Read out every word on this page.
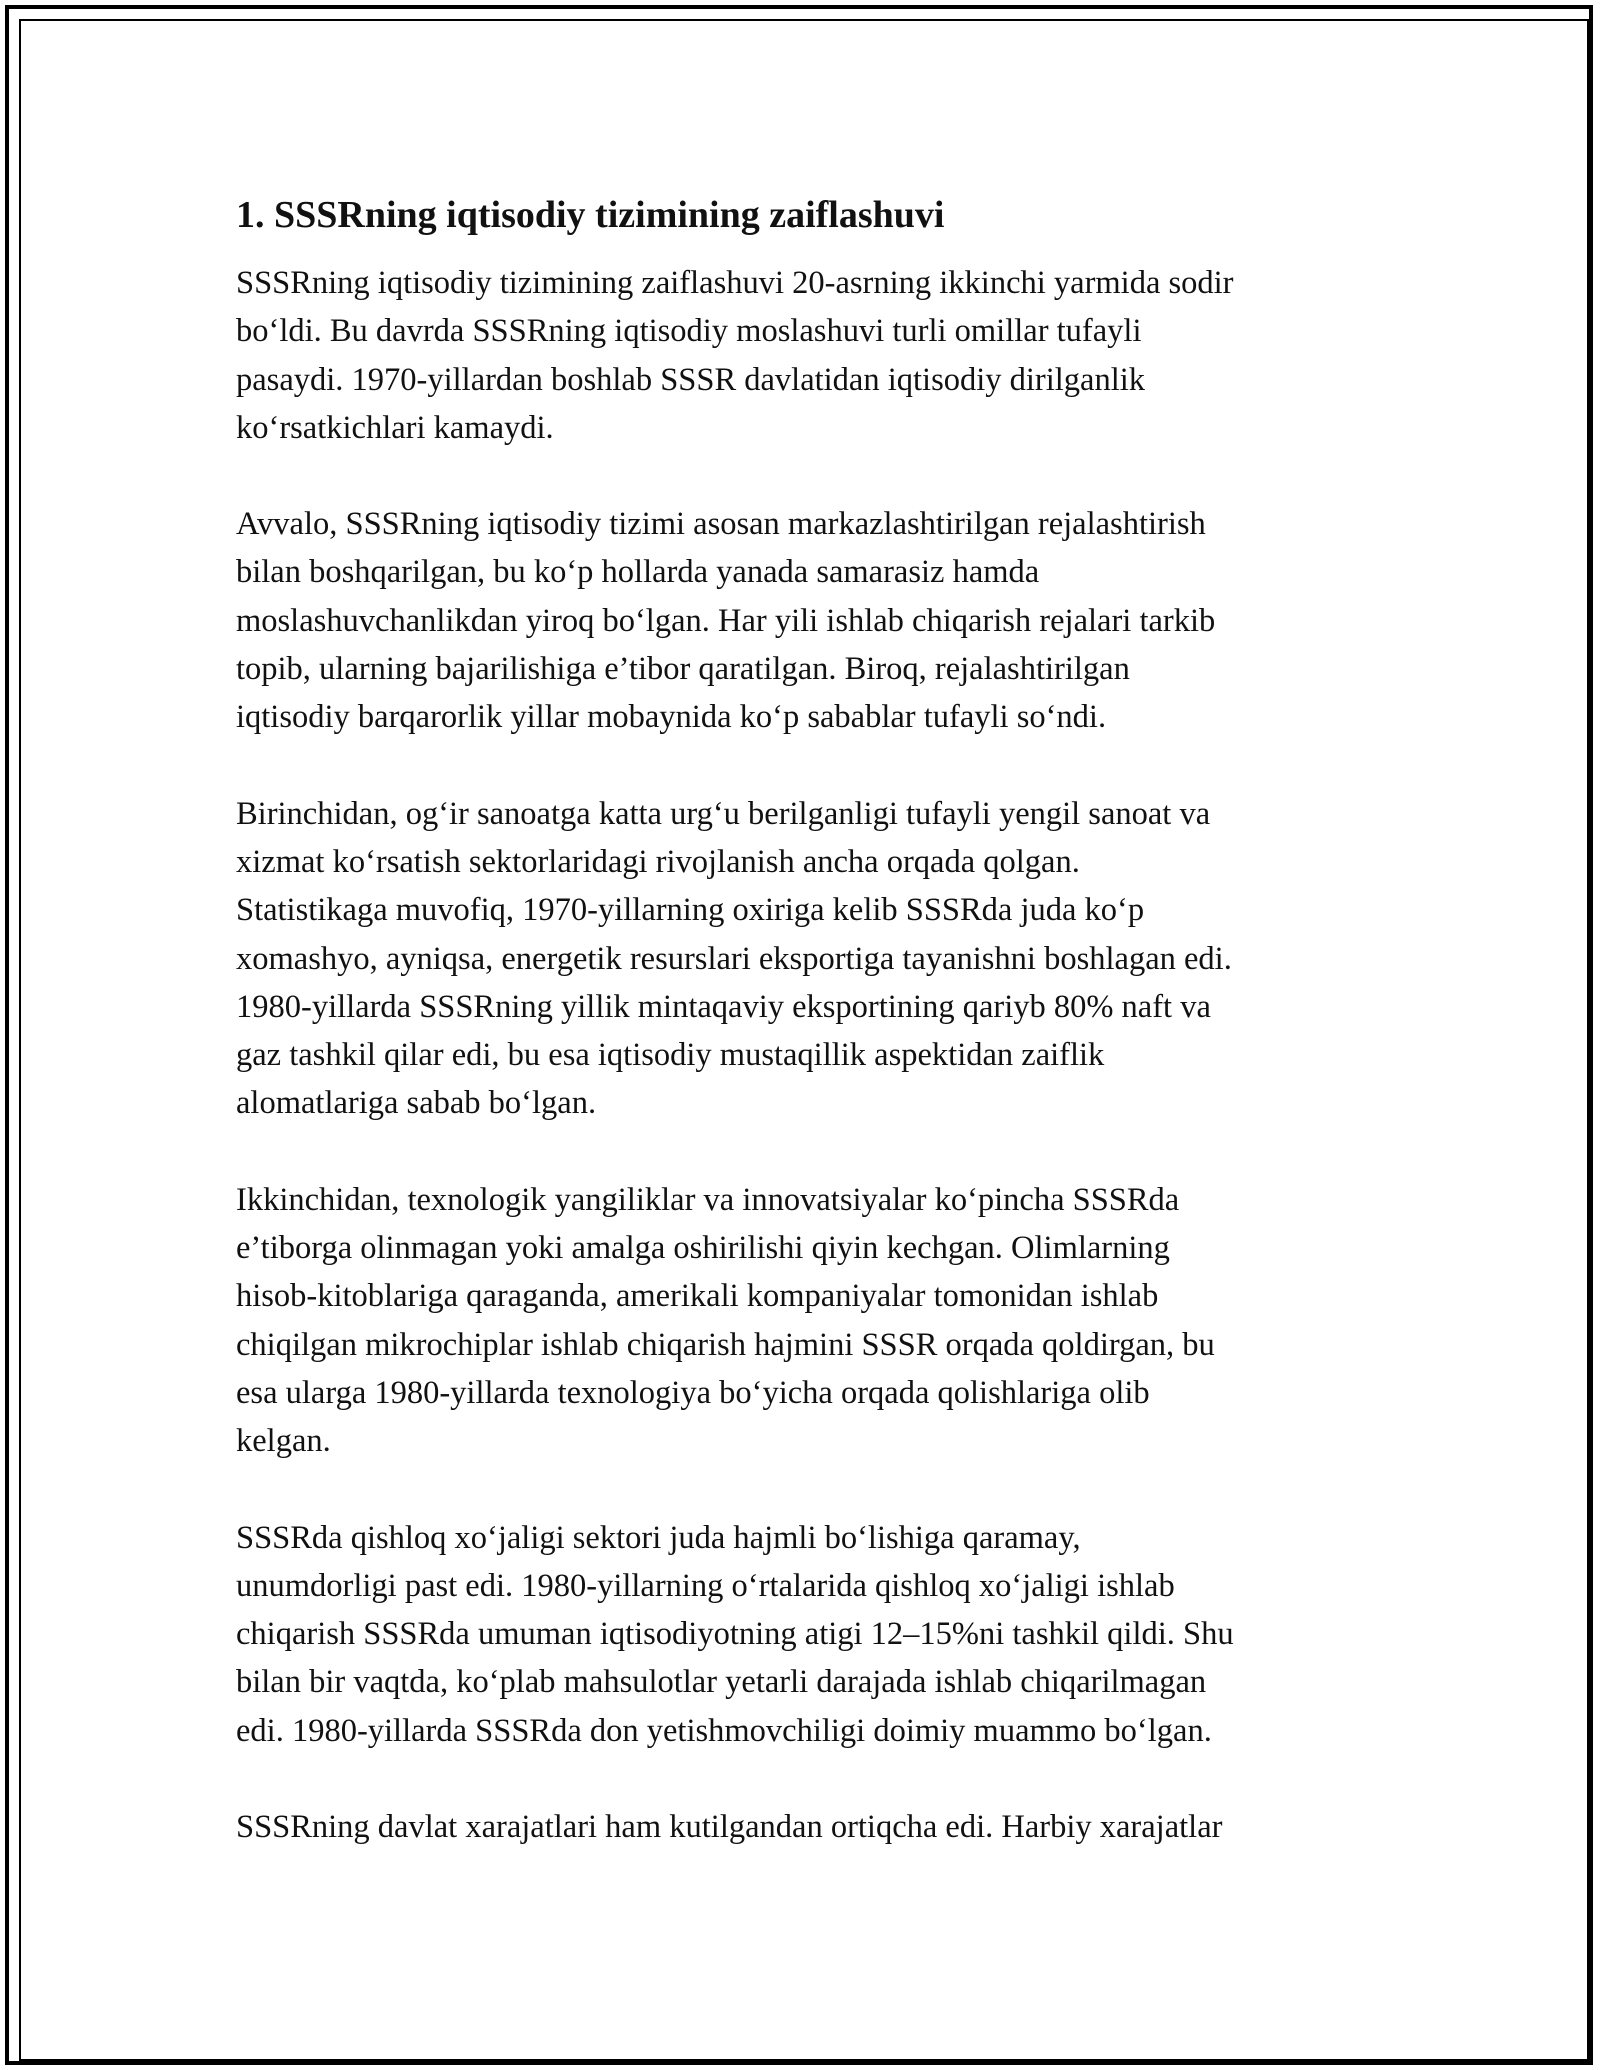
1. SSSRning iqtisodiy tizimining zaiflashuvi

SSSRning iqtisodiy tizimining zaiflashuvi 20-asrning ikkinchi yarmida sodir
bo‘ldi. Bu davrda SSSRning iqtisodiy moslashuvi turli omillar tufayli
pasaydi. 1970-yillardan boshlab SSSR davlatidan iqtisodiy dirilganlik
ko‘rsatkichlari kamaydi.

Avvalo, SSSRning iqtisodiy tizimi asosan markazlashtirilgan rejalashtirish
bilan boshqarilgan, bu ko‘p hollarda yanada samarasiz hamda
moslashuvchanlikdan yiroq bo‘lgan. Har yili ishlab chiqarish rejalari tarkib
topib, ularning bajarilishiga e’tibor qaratilgan. Biroq, rejalashtirilgan
iqtisodiy barqarorlik yillar mobaynida ko‘p sabablar tufayli so‘ndi.

Birinchidan, og‘ir sanoatga katta urg‘u berilganligi tufayli yengil sanoat va
xizmat ko‘rsatish sektorlaridagi rivojlanish ancha orqada qolgan.
Statistikaga muvofiq, 1970-yillarning oxiriga kelib SSSRda juda ko‘p
xomashyo, ayniqsa, energetik resurslari eksportiga tayanishni boshlagan edi.
1980-yillarda SSSRning yillik mintaqaviy eksportining qariyb 80% naft va
gaz tashkil qilar edi, bu esa iqtisodiy mustaqillik aspektidan zaiflik
alomatlariga sabab bo‘lgan.

Ikkinchidan, texnologik yangiliklar va innovatsiyalar ko‘pincha SSSRda
e’tiborga olinmagan yoki amalga oshirilishi qiyin kechgan. Olimlarning
hisob-kitoblariga qaraganda, amerikali kompaniyalar tomonidan ishlab
chiqilgan mikrochiplar ishlab chiqarish hajmini SSSR orqada qoldirgan, bu
esa ularga 1980-yillarda texnologiya bo‘yicha orqada qolishlariga olib
kelgan.

SSSRda qishloq xo‘jaligi sektori juda hajmli bo‘lishiga qaramay,
unumdorligi past edi. 1980-yillarning o‘rtalarida qishloq xo‘jaligi ishlab
chiqarish SSSRda umuman iqtisodiyotning atigi 12–15%ni tashkil qildi. Shu
bilan bir vaqtda, ko‘plab mahsulotlar yetarli darajada ishlab chiqarilmagan
edi. 1980-yillarda SSSRda don yetishmovchiligi doimiy muammo bo‘lgan.

SSSRning davlat xarajatlari ham kutilgandan ortiqcha edi. Harbiy xarajatlar
